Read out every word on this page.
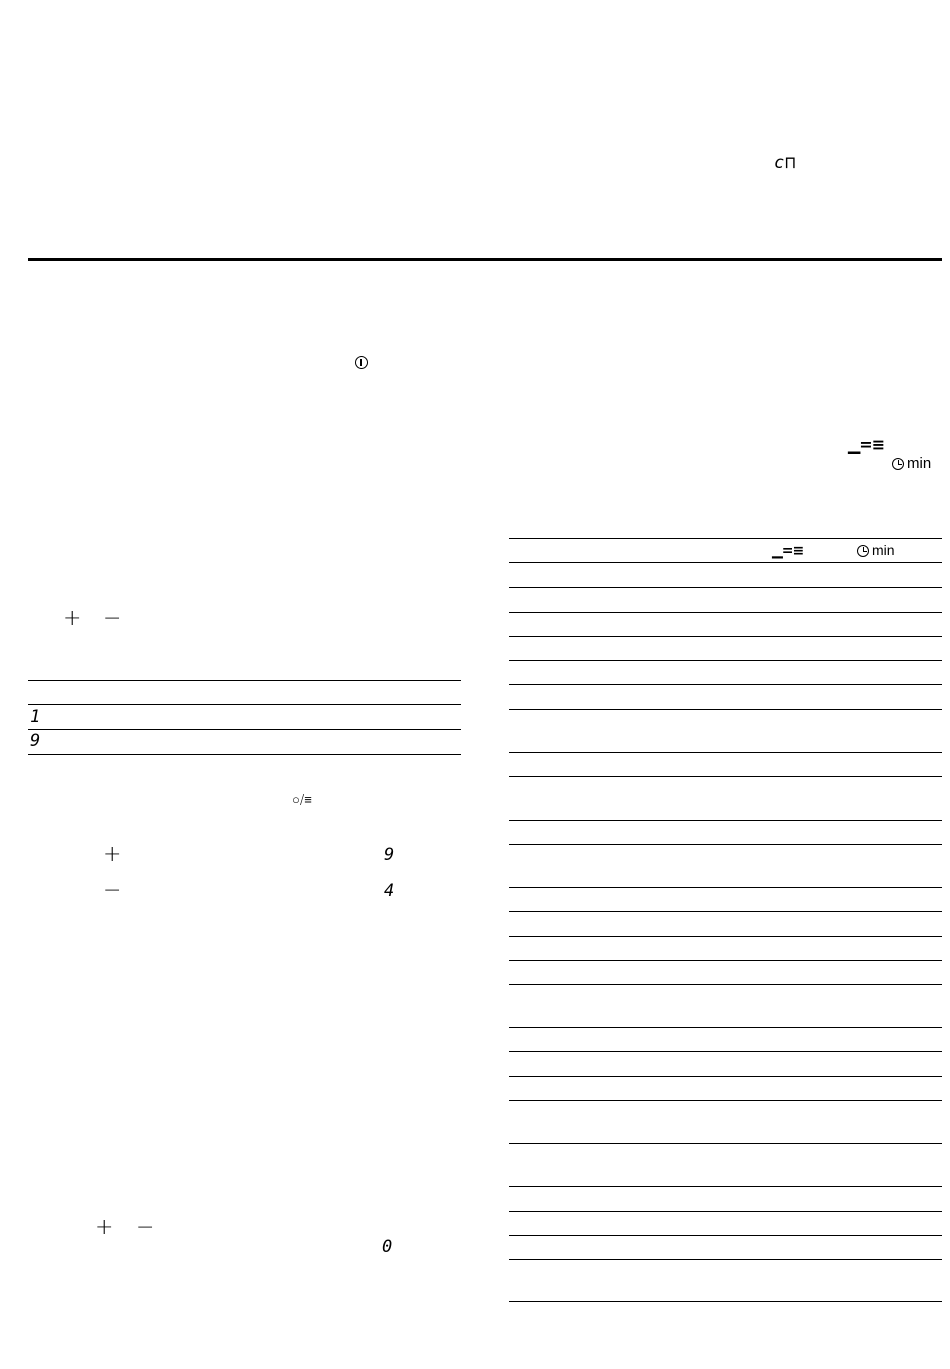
c⊓
+ −
1
9
○/≡
+	9
−	4
+ −
0
▁=≡
min
▁=≡	min
